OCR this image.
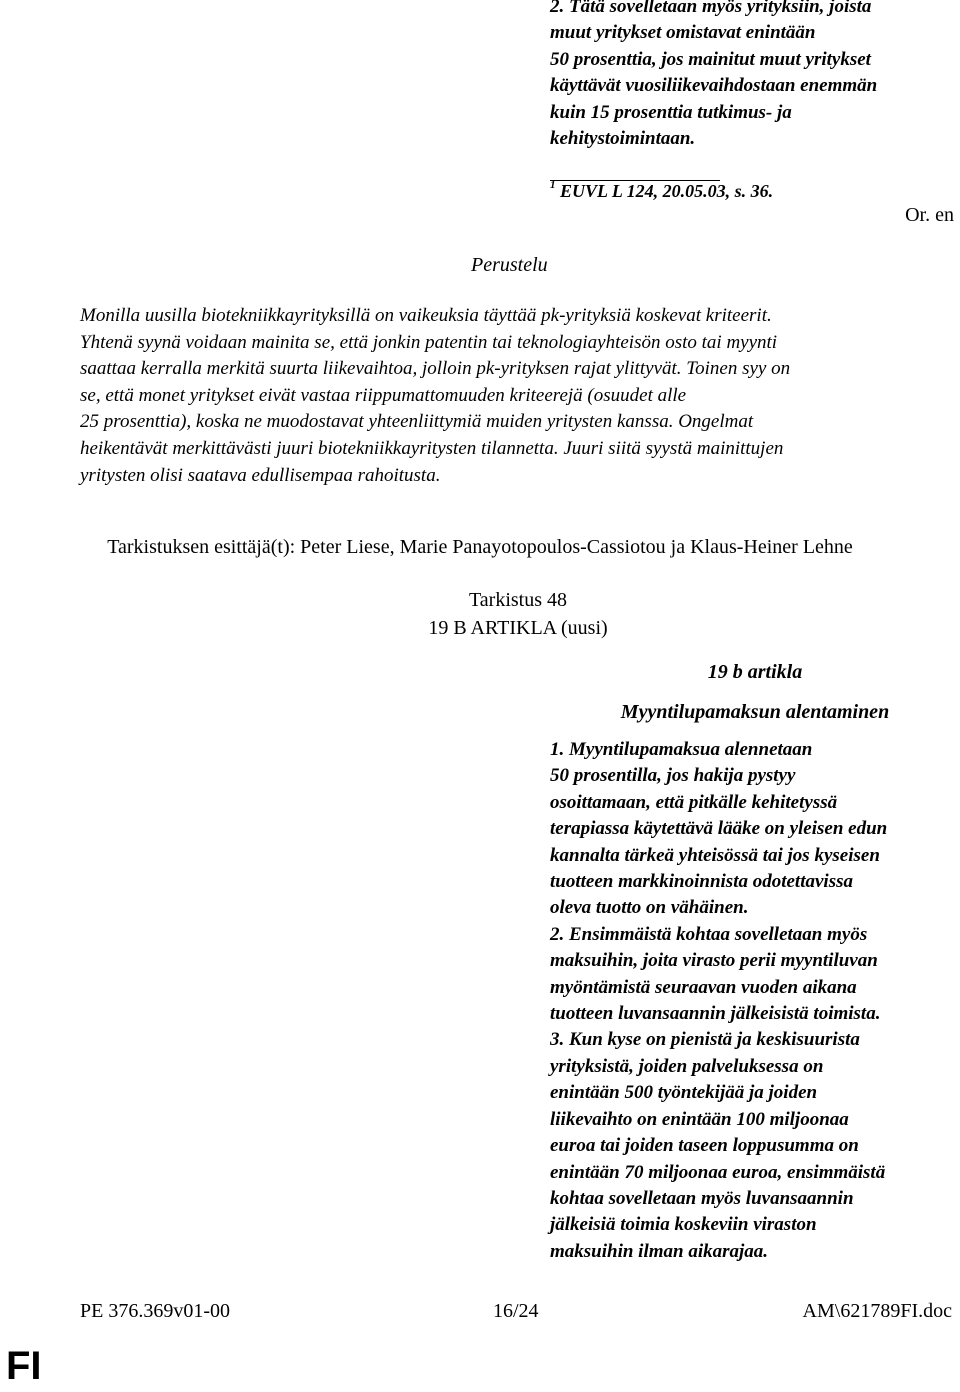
2. Tätä sovelletaan myös yrityksiin, joista
muut yritykset omistavat enintään
50 prosenttia, jos mainitut muut yritykset
käyttävät vuosiliikevaihdostaan enemmän
kuin 15 prosenttia tutkimus- ja
kehitystoimintaan.
$^1$ EUVL L 124, 20.05.03, s. 36.
Or. en
Perustelu
Monilla uusilla biotekniikkayrityksillä on vaikeuksia täyttää pk-yrityksiä koskevat kriteerit.
Yhtenä syynä voidaan mainita se, että jonkin patentin tai teknologiayhteisön osto tai myynti
saattaa kerralla merkitä suurta liikevaihtoa, jolloin pk-yrityksen rajat ylittyvät. Toinen syy on
se, että monet yritykset eivät vastaa riippumattomuuden kriteerejä (osuudet alle
25 prosenttia), koska ne muodostavat yhteenliittymiä muiden yritysten kanssa. Ongelmat
heikentävät merkittävästi juuri biotekniikkayritysten tilannetta. Juuri siitä syystä mainittujen
yritysten olisi saatava edullisempaa rahoitusta.
Tarkistuksen esittäjä(t): Peter Liese, Marie Panayotopoulos-Cassiotou ja Klaus-Heiner Lehne
Tarkistus 48
19 B ARTIKLA (uusi)
19 b artikla
Myyntilupamaksun alentaminen
1. Myyntilupamaksua alennetaan
50 prosentilla, jos hakija pystyy
osoittamaan, että pitkälle kehitetyssä
terapiassa käytettävä lääke on yleisen edun
kannalta tärkeä yhteisössä tai jos kyseisen
tuotteen markkinoinnista odotettavissa
oleva tuotto on vähäinen.
2. Ensimmäistä kohtaa sovelletaan myös
maksuihin, joita virasto perii myyntiluvan
myöntämistä seuraavan vuoden aikana
tuotteen luvansaannin jälkeisistä toimista.
3. Kun kyse on pienistä ja keskisuurista
yrityksistä, joiden palveluksessa on
enintään 500 työntekijää ja joiden
liikevaihto on enintään 100 miljoonaa
euroa tai joiden taseen loppusumma on
enintään 70 miljoonaa euroa, ensimmäistä
kohtaa sovelletaan myös luvansaannin
jälkeisiä toimia koskeviin viraston
maksuihin ilman aikarajaa.
PE 376.369v01-00	16/24	AM\621789FI.doc
FI
